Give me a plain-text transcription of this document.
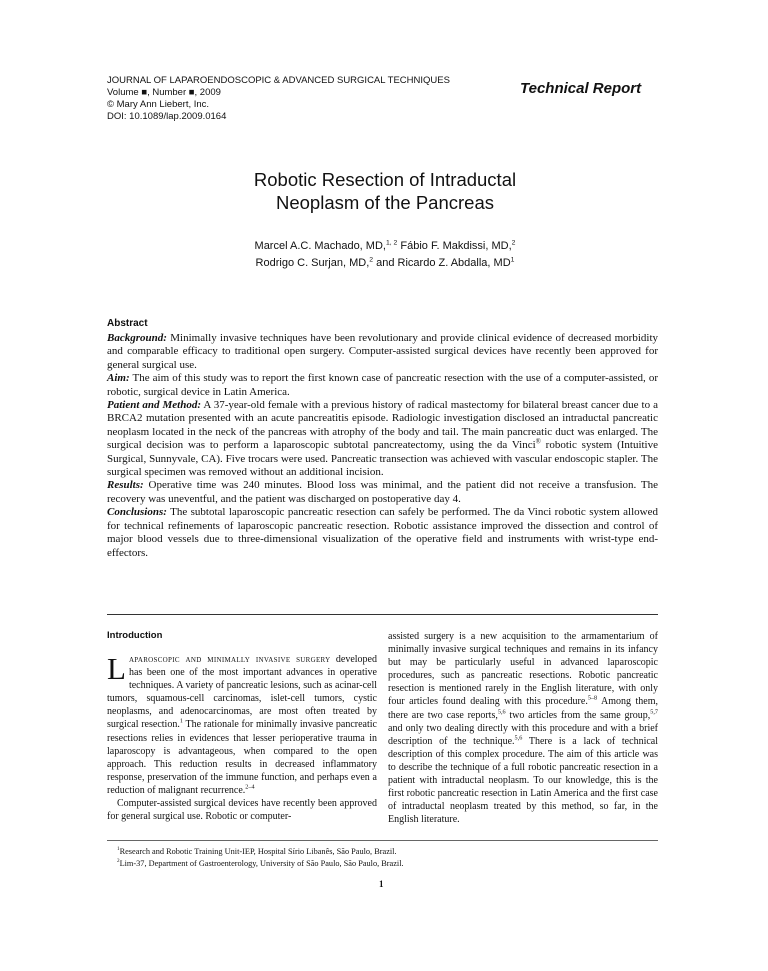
JOURNAL OF LAPAROENDOSCOPIC & ADVANCED SURGICAL TECHNIQUES
Volume ■, Number ■, 2009
© Mary Ann Liebert, Inc.
DOI: 10.1089/lap.2009.0164
Technical Report
Robotic Resection of Intraductal
Neoplasm of the Pancreas
Marcel A.C. Machado, MD,$^{1, 2}$ Fábio F. Makdissi, MD,$^2$
Rodrigo C. Surjan, MD,$^2$ and Ricardo Z. Abdalla, $MD^1$
Abstract

Background: Minimally invasive techniques have been revolutionary and provide clinical evidence of decreased morbidity and comparable efficacy to traditional open surgery. Computer-assisted surgical devices have recently been approved for general surgical use.

Aim: The aim of this study was to report the first known case of pancreatic resection with the use of a computer-assisted, or robotic, surgical device in Latin America.

Patient and Method: A 37-year-old female with a previous history of radical mastectomy for bilateral breast cancer due to a BRCA2 mutation presented with an acute pancreatitis episode. Radiologic investigation disclosed an intraductal pancreatic neoplasm located in the neck of the pancreas with atrophy of the body and tail. The main pancreatic duct was enlarged. The surgical decision was to perform a laparoscopic subtotal pancreatectomy, using the da Vinci® robotic system (Intuitive Surgical, Sunnyvale, CA). Five trocars were used. Pancreatic transection was achieved with vascular endoscopic stapler. The surgical specimen was removed without an additional incision.

Results: Operative time was 240 minutes. Blood loss was minimal, and the patient did not receive a transfusion. The recovery was uneventful, and the patient was discharged on postoperative day 4.

Conclusions: The subtotal laparoscopic pancreatic resection can safely be performed. The da Vinci robotic system allowed for technical refinements of laparoscopic pancreatic resection. Robotic assistance improved the dissection and control of major blood vessels due to three-dimensional visualization of the operative field and instruments with wrist-type end-effectors.

Introduction

Laparoscopic and minimally invasive surgery developed has been one of the most important advances in operative techniques. A variety of pancreatic lesions, such as acinar-cell tumors, squamous-cell carcinomas, islet-cell tumors, cystic neoplasms, and adenocarcinomas, are most often treated by surgical resection.$^1$ The rationale for minimally invasive pancreatic resections relies in evidences that lesser perioperative trauma in laparoscopy is advantageous, when compared to the open approach. This reduction results in decreased inflammatory response, preservation of the immune function, and perhaps even a reduction of malignant recurrence.$^{2-4}$

Computer-assisted surgical devices have recently been approved for general surgical use. Robotic or computer-

assisted surgery is a new acquisition to the armamentarium of minimally invasive surgical techniques and remains in its infancy but may be particularly useful in advanced laparoscopic procedures, such as pancreatic resections. Robotic pancreatic resection is mentioned rarely in the English literature, with only four articles found dealing with this procedure.$^{5-8}$ Among them, there are two case reports,$^{5,6}$ two articles from the same group,$^{5,7}$ and only two dealing directly with this procedure and with a brief description of the technique.$^{5,6}$ There is a lack of technical description of this complex procedure. The aim of this article was to describe the technique of a full robotic pancreatic resection in a patient with intraductal neoplasm. To our knowledge, this is the first robotic pancreatic resection in Latin America and the first case of intraductal neoplasm treated by this method, so far, in the English literature.

$^1$Research and Robotic Training Unit-IEP, Hospital Sírio Libanês, São Paulo, Brazil.
$^2$Lim-37, Department of Gastroenterology, University of São Paulo, São Paulo, Brazil.
1
